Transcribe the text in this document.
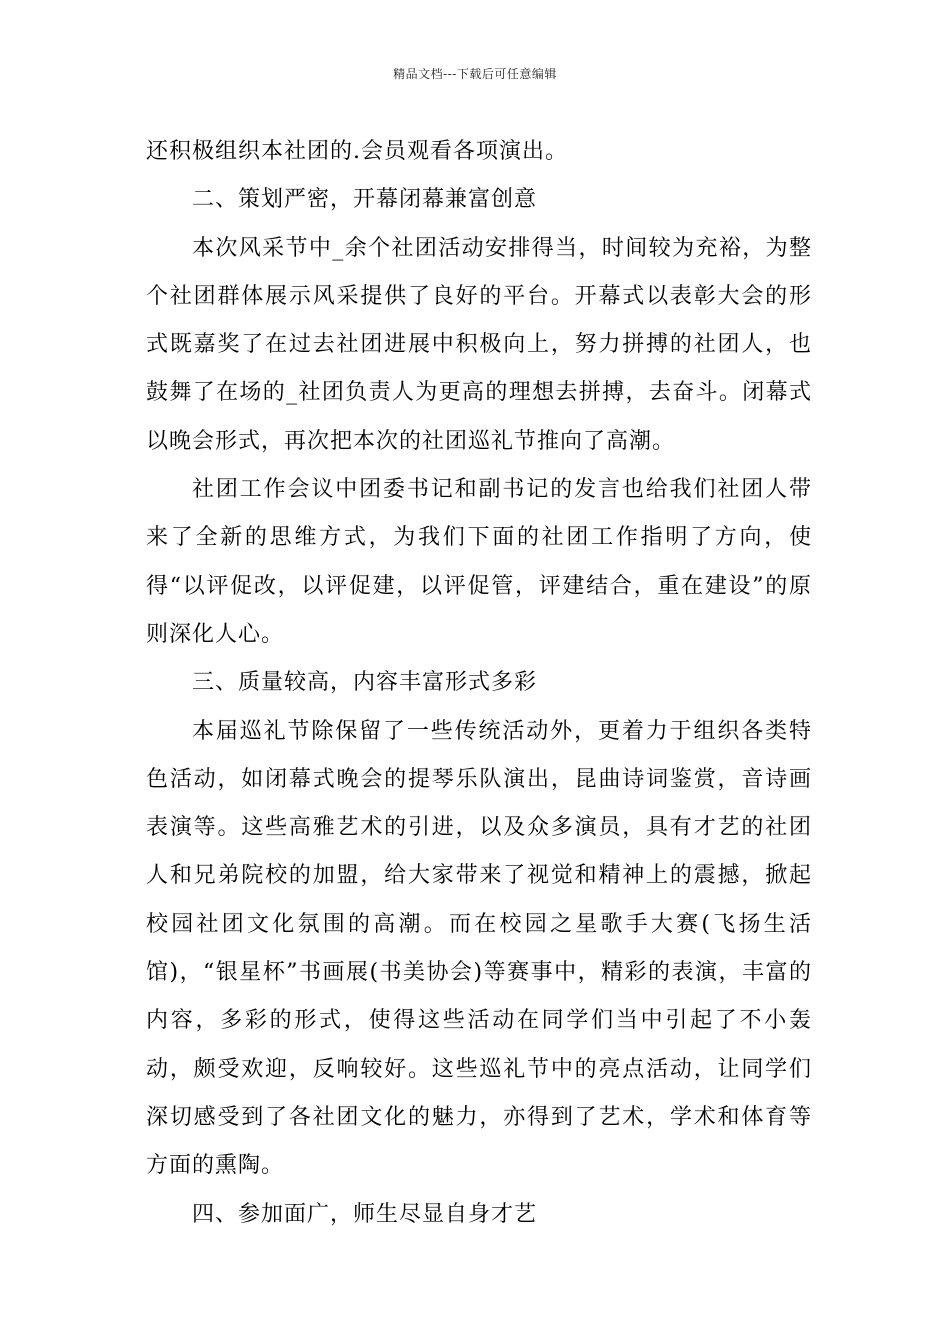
精品文档---下载后可任意编辑

还积极组织本社团的.会员观看各项演出。

二、策划严密，开幕闭幕兼富创意

本次风采节中_余个社团活动安排得当，时间较为充裕，为整个社团群体展示风采提供了良好的平台。开幕式以表彰大会的形式既嘉奖了在过去社团进展中积极向上，努力拼搏的社团人，也鼓舞了在场的_社团负责人为更高的理想去拼搏，去奋斗。闭幕式以晚会形式，再次把本次的社团巡礼节推向了高潮。

社团工作会议中团委书记和副书记的发言也给我们社团人带来了全新的思维方式，为我们下面的社团工作指明了方向，使得“以评促改，以评促建，以评促管，评建结合，重在建设”的原则深化人心。

三、质量较高，内容丰富形式多彩

本届巡礼节除保留了一些传统活动外，更着力于组织各类特色活动，如闭幕式晚会的提琴乐队演出，昆曲诗词鉴赏，音诗画表演等。这些高雅艺术的引进，以及众多演员，具有才艺的社团人和兄弟院校的加盟，给大家带来了视觉和精神上的震撼，掀起校园社团文化氛围的高潮。而在校园之星歌手大赛(飞扬生活馆)，“银星杯”书画展(书美协会)等赛事中，精彩的表演，丰富的内容，多彩的形式，使得这些活动在同学们当中引起了不小轰动，颇受欢迎，反响较好。这些巡礼节中的亮点活动，让同学们深切感受到了各社团文化的魅力，亦得到了艺术，学术和体育等方面的熏陶。

四、参加面广，师生尽显自身才艺
